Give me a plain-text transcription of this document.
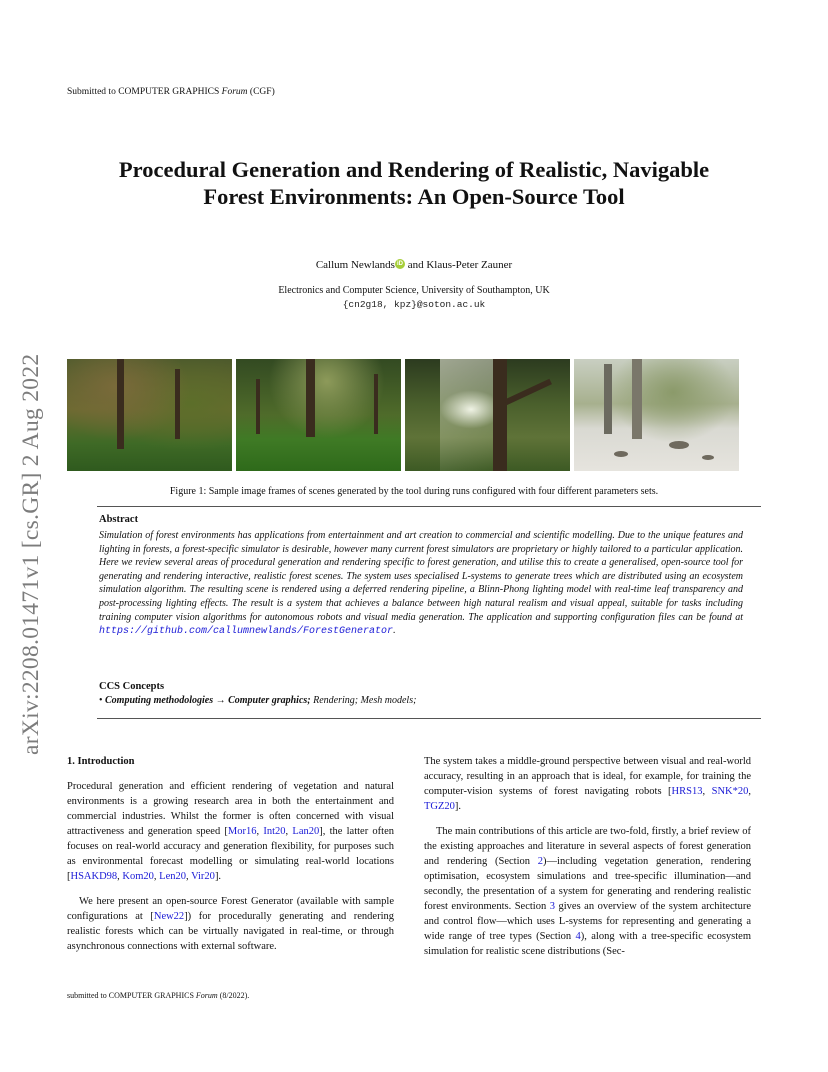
Submitted to COMPUTER GRAPHICS Forum (CGF)
arXiv:2208.01471v1 [cs.GR] 2 Aug 2022
Procedural Generation and Rendering of Realistic, Navigable
Forest Environments: An Open-Source Tool
Callum Newlands iD and Klaus-Peter Zauner
Electronics and Computer Science, University of Southampton, UK
{cn2g18, kpz}@soton.ac.uk
Figure 1: Sample image frames of scenes generated by the tool during runs configured with four different parameters sets.
Abstract
Simulation of forest environments has applications from entertainment and art creation to commercial and scientific modelling. Due to the unique features and lighting in forests, a forest-specific simulator is desirable, however many current forest simulators are proprietary or highly tailored to a particular application. Here we review several areas of procedural generation and rendering specific to forest generation, and utilise this to create a generalised, open-source tool for generating and rendering interactive, realistic forest scenes. The system uses specialised L-systems to generate trees which are distributed using an ecosystem simulation algorithm. The resulting scene is rendered using a deferred rendering pipeline, a Blinn-Phong lighting model with real-time leaf transparency and post-processing lighting effects. The result is a system that achieves a balance between high natural realism and visual appeal, suitable for tasks including training computer vision algorithms for autonomous robots and visual media generation. The application and supporting configuration files can be found at https://github.com/callumnewlands/ForestGenerator.
CCS Concepts
• Computing methodologies → Computer graphics; Rendering; Mesh models;
1. Introduction

Procedural generation and efficient rendering of vegetation and natural environments is a growing research area in both the entertainment and commercial industries. Whilst the former is often concerned with visual attractiveness and generation speed [Mor16, Int20, Lan20], the latter often focuses on real-world accuracy and generation flexibility, for purposes such as environmental forecast modelling or simulating real-world locations [HSAKD98, Kom20, Len20, Vir20].

We here present an open-source Forest Generator (available with sample configurations at [New22]) for procedurally generating and rendering realistic forests which can be virtually navigated in real-time, or through asynchronous connections with external software.

The system takes a middle-ground perspective between visual and real-world accuracy, resulting in an approach that is ideal, for example, for training the computer-vision systems of forest navigating robots [HRS13, SNK*20, TGZ20].

The main contributions of this article are two-fold, firstly, a brief review of the existing approaches and literature in several aspects of forest generation and rendering (Section 2)—including vegetation generation, rendering optimisation, ecosystem simulations and tree-specific illumination—and secondly, the presentation of a system for generating and rendering realistic forest environments. Section 3 gives an overview of the system architecture and control flow—which uses L-systems for representing and generating a wide range of tree types (Section 4), along with a tree-specific ecosystem simulation for realistic scene distributions (Sec-

submitted to COMPUTER GRAPHICS Forum (8/2022).
